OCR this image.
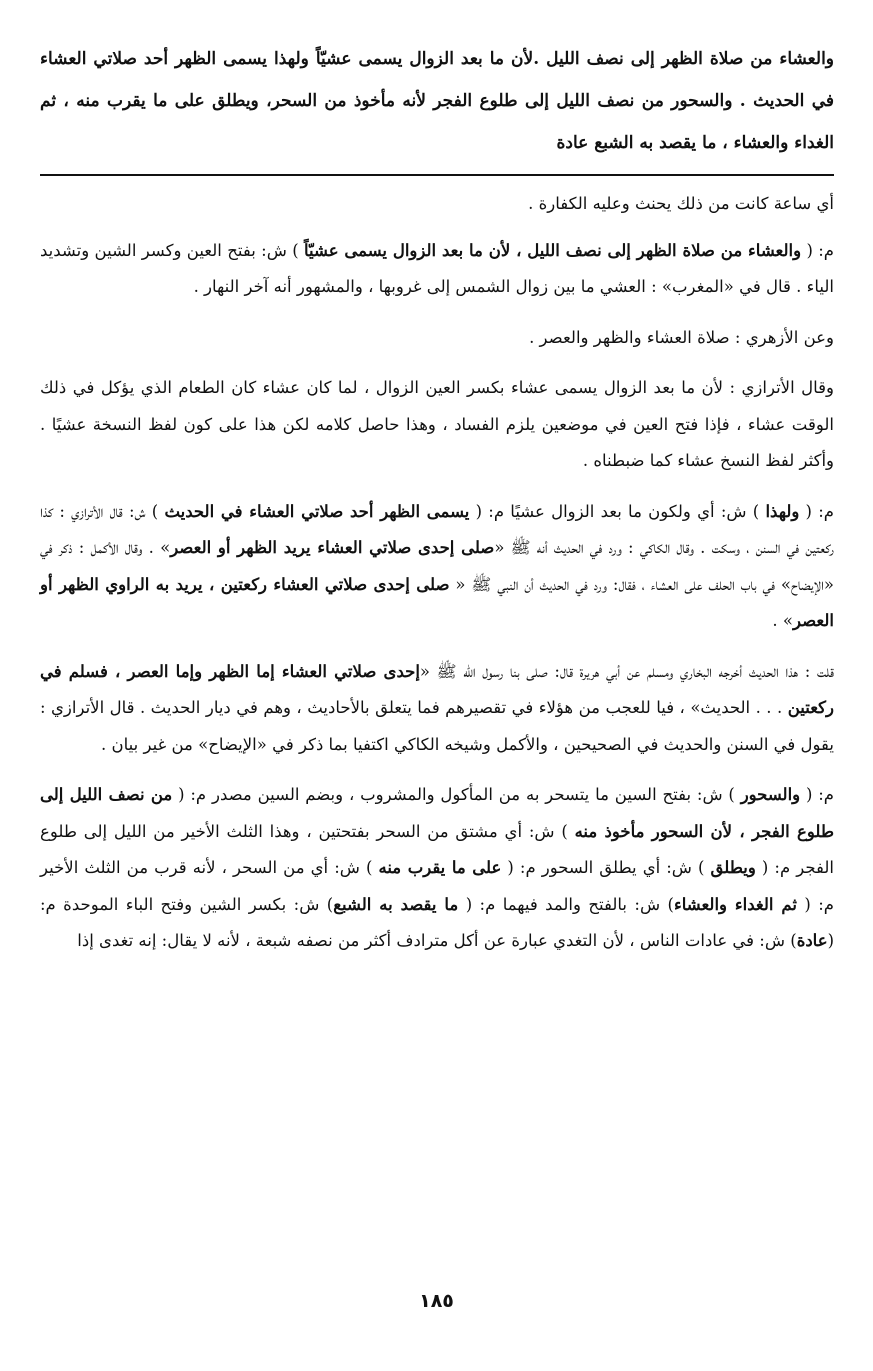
والعشاء من صلاة الظهر إلى نصف الليل .لأن ما بعد الزوال يسمى عشيّاً ولهذا يسمى الظهر أحد صلاتي العشاء في الحديث . والسحور من نصف الليل إلى طلوع الفجر لأنه مأخوذ من السحر، ويطلق على ما يقرب منه ، ثم الغداء والعشاء ، ما يقصد به الشبع عادة

أي ساعة كانت من ذلك يحنث وعليه الكفارة .

م: ( والعشاء من صلاة الظهر إلى نصف الليل ، لأن ما بعد الزوال يسمى عشيّاً ) ش: بفتح العين وكسر الشين وتشديد الياء . قال في «المغرب» : العشي ما بين زوال الشمس إلى غروبها ، والمشهور أنه آخر النهار .

وعن الأزهري : صلاة العشاء والظهر والعصر .

وقال الأترازي : لأن ما بعد الزوال يسمى عشاء بكسر العين الزوال ، لما كان عشاء كان الطعام الذي يؤكل في ذلك الوقت عشاء ، فإذا فتح العين في موضعين يلزم الفساد ، وهذا حاصل كلامه لكن هذا على كون لفظ النسخة عشيًا . وأكثر لفظ النسخ عشاء كما ضبطناه .

م: ( ولهذا ) ش: أي ولكون ما بعد الزوال عشيًا م: ( يسمى الظهر أحد صلاتي العشاء في الحديث ) ش: قال الأترازي : كذا ركعتين في السنن ، وسكت . وقال الكاكي : ورد في الحديث أنه ﷺ «صلى إحدى صلاتي العشاء يريد الظهر أو العصر» . وقال الأكمل : ذكر في «الإيضاح» في باب الحلف على العشاء ، فقال: ورد في الحديث أن النبي ﷺ « صلى إحدى صلاتي العشاء ركعتين ، يريد به الراوي الظهر أو العصر» .

قلت : هذا الحديث أخرجه البخاري ومسلم عن أبي هريرة قال: صلى بنا رسول الله ﷺ «إحدى صلاتي العشاء إما الظهر وإما العصر ، فسلم في ركعتين . . . الحديث» ، فيا للعجب من هؤلاء في تقصيرهم فما يتعلق بالأحاديث ، وهم في ديار الحديث . قال الأترازي : يقول في السنن والحديث في الصحيحين ، والأكمل وشيخه الكاكي اكتفيا بما ذكر في «الإيضاح» من غير بيان .

م: ( والسحور ) ش: بفتح السين ما يتسحر به من المأكول والمشروب ، وبضم السين مصدر م: ( من نصف الليل إلى طلوع الفجر ، لأن السحور مأخوذ منه ) ش: أي مشتق من السحر بفتحتين ، وهذا الثلث الأخير من الليل إلى طلوع الفجر م: ( ويطلق ) ش: أي يطلق السحور م: ( على ما يقرب منه ) ش: أي من السحر ، لأنه قرب من الثلث الأخير م: ( ثم الغداء والعشاء) ش: بالفتح والمد فيهما م: ( ما يقصد به الشبع) ش: بكسر الشين وفتح الباء الموحدة م: (عادة) ش: في عادات الناس ، لأن التغدي عبارة عن أكل مترادف أكثر من نصفه شبعة ، لأنه لا يقال: إنه تغدى إذا

١٨٥
